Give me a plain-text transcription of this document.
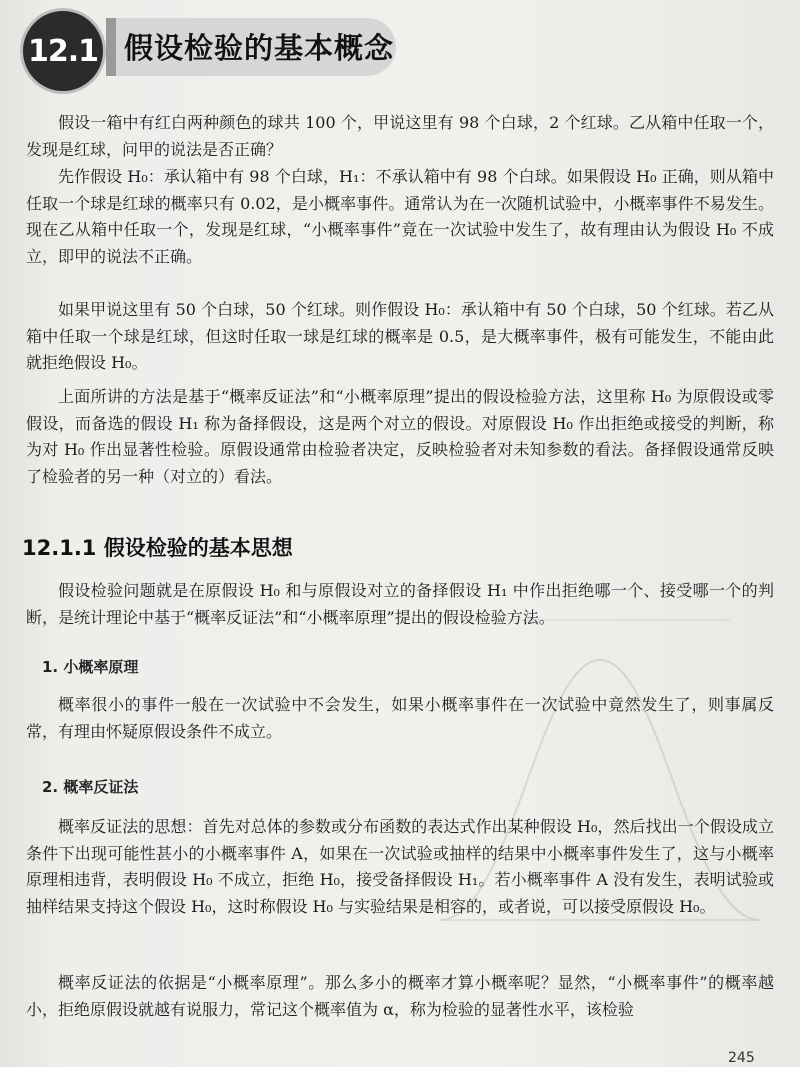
12.1 假设检验的基本概念

假设一箱中有红白两种颜色的球共 100 个，甲说这里有 98 个白球，2 个红球。乙从箱中任取一个，发现是红球，问甲的说法是否正确？

先作假设 H₀：承认箱中有 98 个白球，H₁：不承认箱中有 98 个白球。如果假设 H₀ 正确，则从箱中任取一个球是红球的概率只有 0.02，是小概率事件。通常认为在一次随机试验中，小概率事件不易发生。现在乙从箱中任取一个，发现是红球，“小概率事件”竟在一次试验中发生了，故有理由认为假设 H₀ 不成立，即甲的说法不正确。

如果甲说这里有 50 个白球，50 个红球。则作假设 H₀：承认箱中有 50 个白球，50 个红球。若乙从箱中任取一个球是红球，但这时任取一球是红球的概率是 0.5，是大概率事件，极有可能发生，不能由此就拒绝假设 H₀。

上面所讲的方法是基于“概率反证法”和“小概率原理”提出的假设检验方法，这里称 H₀ 为原假设或零假设，而备选的假设 H₁ 称为备择假设，这是两个对立的假设。对原假设 H₀ 作出拒绝或接受的判断，称为对 H₀ 作出显著性检验。原假设通常由检验者决定，反映检验者对未知参数的看法。备择假设通常反映了检验者的另一种（对立的）看法。

12.1.1 假设检验的基本思想

假设检验问题就是在原假设 H₀ 和与原假设对立的备择假设 H₁ 中作出拒绝哪一个、接受哪一个的判断，是统计理论中基于“概率反证法”和“小概率原理”提出的假设检验方法。

1. 小概率原理

概率很小的事件一般在一次试验中不会发生，如果小概率事件在一次试验中竟然发生了，则事属反常，有理由怀疑原假设条件不成立。

2. 概率反证法

概率反证法的思想：首先对总体的参数或分布函数的表达式作出某种假设 H₀，然后找出一个假设成立条件下出现可能性甚小的小概率事件 A，如果在一次试验或抽样的结果中小概率事件发生了，这与小概率原理相违背，表明假设 H₀ 不成立，拒绝 H₀，接受备择假设 H₁。若小概率事件 A 没有发生，表明试验或抽样结果支持这个假设 H₀，这时称假设 H₀ 与实验结果是相容的，或者说，可以接受原假设 H₀。

概率反证法的依据是“小概率原理”。那么多小的概率才算小概率呢？显然，“小概率事件”的概率越小，拒绝原假设就越有说服力，常记这个概率值为 α，称为检验的显著性水平，该检验

245
